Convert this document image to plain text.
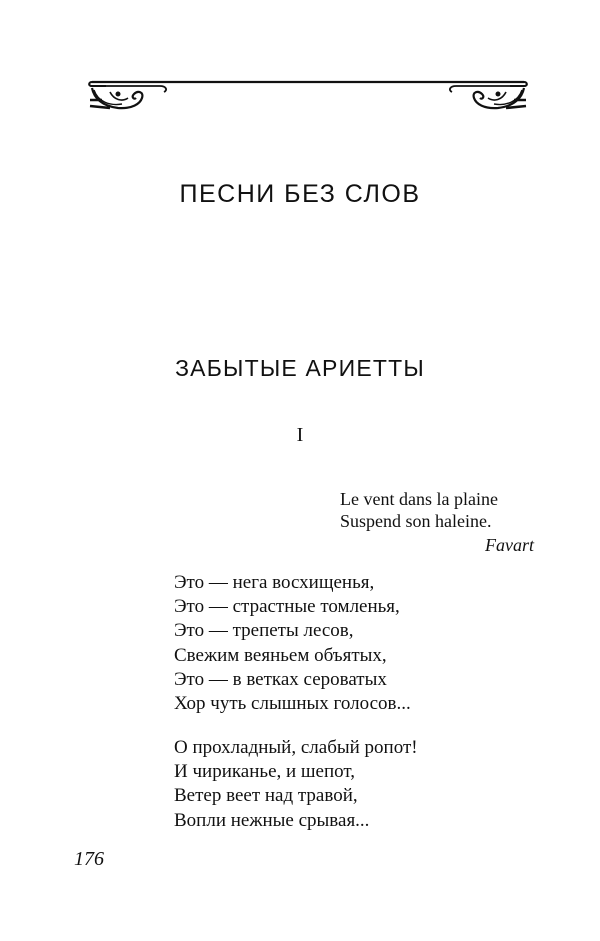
ПЕСНИ БЕЗ СЛОВ
ЗАБЫТЫЕ АРИЕТТЫ
I
Le vent dans la plaine
Suspend son haleine.
Favart
Это — нега восхищенья,
Это — страстные томленья,
Это — трепеты лесов,
Свежим веяньем объятых,
Это — в ветках сероватых
Хор чуть слышных голосов...
О прохладный, слабый ропот!
И чириканье, и шепот,
Ветер веет над травой,
Вопли нежные срывая...
176
